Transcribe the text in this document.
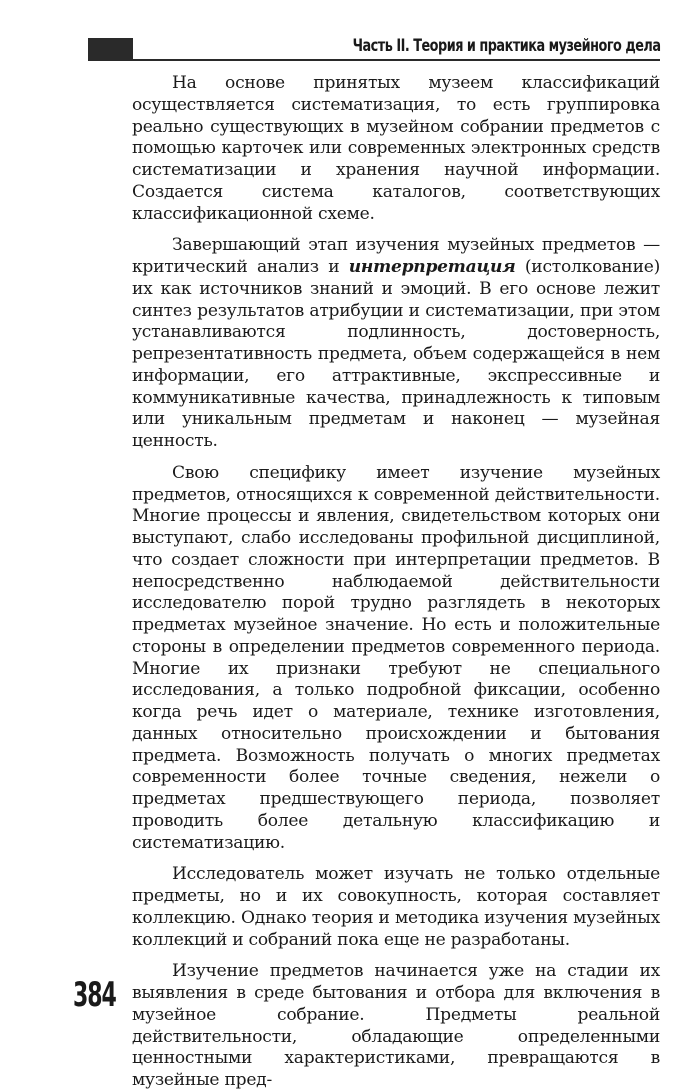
Часть II. Теория и практика музейного дела

На основе принятых музеем классификаций осуществляется систематизация, то есть группировка реально существующих в музейном собрании предметов с помощью карточек или современных электронных средств систематизации и хранения научной информации. Создается система каталогов, соответствующих классификационной схеме.

Завершающий этап изучения музейных предметов — критический анализ и интерпретация (истолкование) их как источников знаний и эмоций. В его основе лежит синтез результатов атрибуции и систематизации, при этом устанавливаются подлинность, достоверность, репрезентативность предмета, объем содержащейся в нем информации, его аттрактивные, экспрессивные и коммуникативные качества, принадлежность к типовым или уникальным предметам и наконец — музейная ценность.

Свою специфику имеет изучение музейных предметов, относящихся к современной действительности. Многие процессы и явления, свидетельством которых они выступают, слабо исследованы профильной дисциплиной, что создает сложности при интерпретации предметов. В непосредственно наблюдаемой действительности исследователю порой трудно разглядеть в некоторых предметах музейное значение. Но есть и положительные стороны в определении предметов современного периода. Многие их признаки требуют не специального исследования, а только подробной фиксации, особенно когда речь идет о материале, технике изготовления, данных относительно происхождении и бытования предмета. Возможность получать о многих предметах современности более точные сведения, нежели о предметах предшествующего периода, позволяет проводить более детальную классификацию и систематизацию.

Исследователь может изучать не только отдельные предметы, но и их совокупность, которая составляет коллекцию. Однако теория и методика изучения музейных коллекций и собраний пока еще не разработаны.

Изучение предметов начинается уже на стадии их выявления в среде бытования и отбора для включения в музейное собрание. Предметы реальной действительности, обладающие определенными ценностными характеристиками, превращаются в музейные пред-

384
